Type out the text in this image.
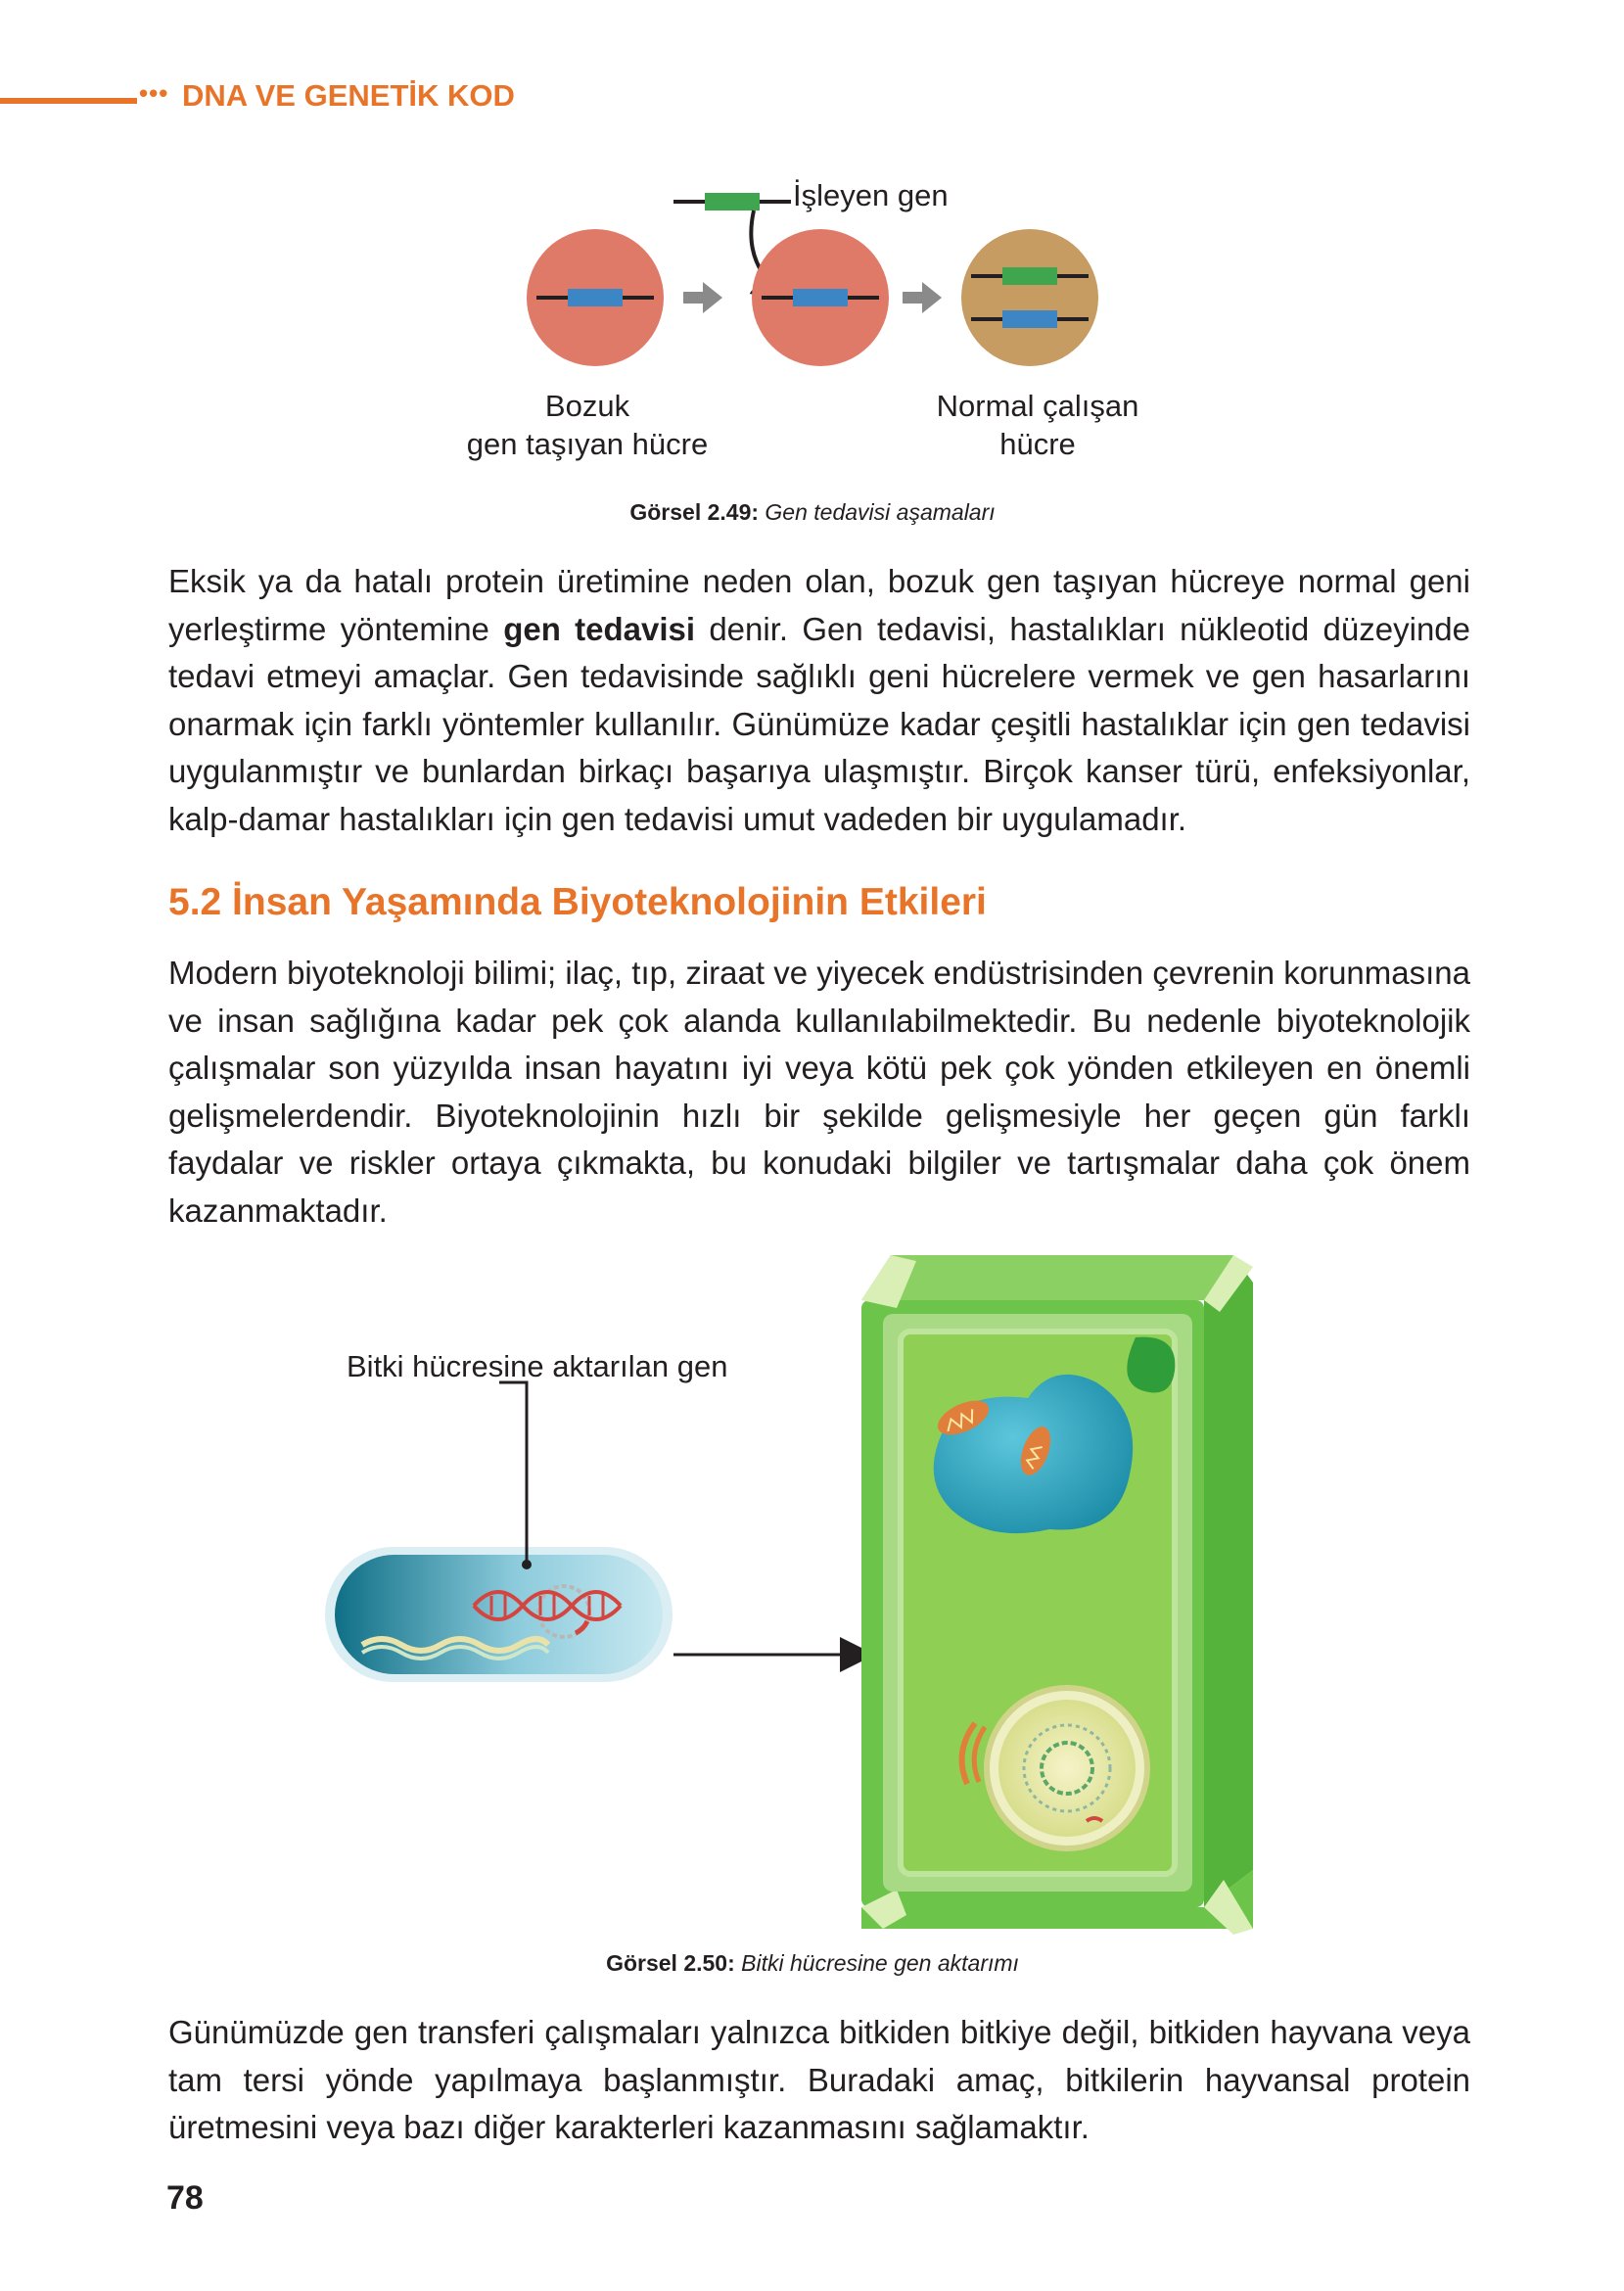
••• DNA VE GENETİK KOD
İşleyen gen
Bozuk
gen taşıyan hücre
Normal çalışan
hücre
Görsel 2.49: Gen tedavisi aşamaları

Eksik ya da hatalı protein üretimine neden olan, bozuk gen taşıyan hücreye normal geni yerleştirme yöntemine gen tedavisi denir. Gen tedavisi, hastalıkları nükleotid düzeyinde tedavi etmeyi amaçlar. Gen tedavisinde sağlıklı geni hücrelere vermek ve gen hasarlarını onarmak için farklı yöntemler kullanılır. Günümüze kadar çeşitli hastalıklar için gen tedavisi uygulanmıştır ve bunlardan birkaçı başarıya ulaşmıştır. Birçok kanser türü, enfeksiyonlar, kalp-damar hastalıkları için gen tedavisi umut vadeden bir uygulamadır.

5.2 İnsan Yaşamında Biyoteknolojinin Etkileri

Modern biyoteknoloji bilimi; ilaç, tıp, ziraat ve yiyecek endüstrisinden çevrenin korunmasına ve insan sağlığına kadar pek çok alanda kullanılabilmektedir. Bu nedenle biyoteknolojik çalışmalar son yüzyılda insan hayatını iyi veya kötü pek çok yönden etkileyen en önemli gelişmelerdendir. Biyoteknolojinin hızlı bir şekilde gelişmesiyle her geçen gün farklı faydalar ve riskler ortaya çıkmakta, bu konudaki bilgiler ve tartışmalar daha çok önem kazanmaktadır.

Bitki hücresine aktarılan gen
Görsel 2.50: Bitki hücresine gen aktarımı

Günümüzde gen transferi çalışmaları yalnızca bitkiden bitkiye değil, bitkiden hayvana veya tam tersi yönde yapılmaya başlanmıştır. Buradaki amaç, bitkilerin hayvansal protein üretmesini veya bazı diğer karakterleri kazanmasını sağlamaktır.

78
